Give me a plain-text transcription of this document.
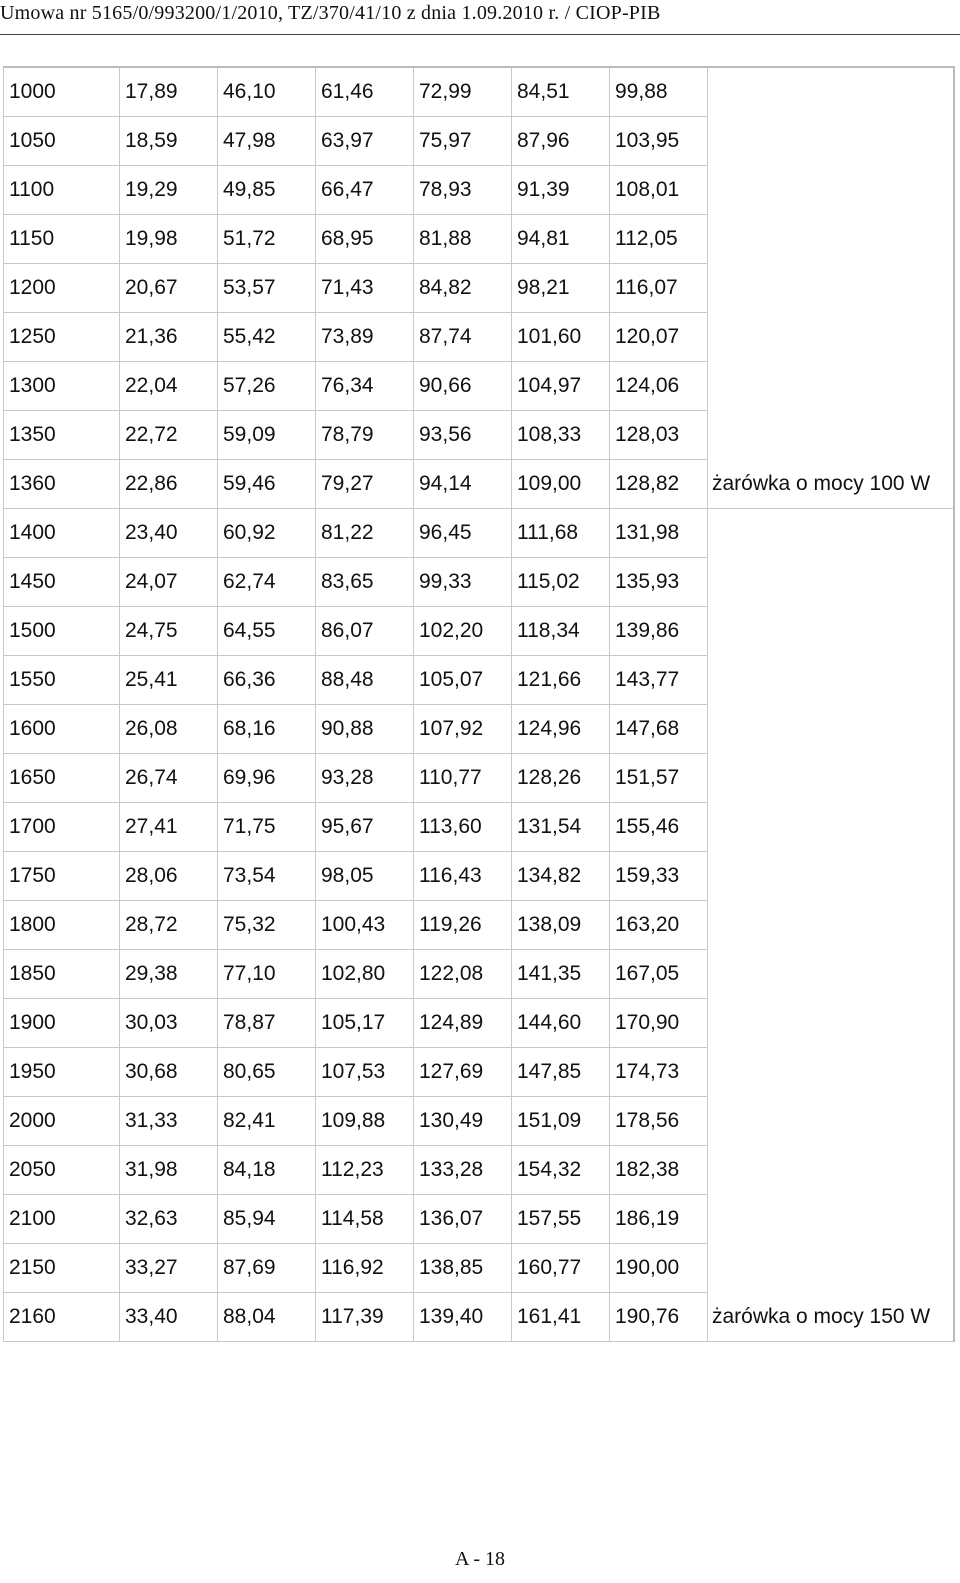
Umowa nr 5165/0/993200/1/2010, TZ/370/41/10 z dnia 1.09.2010 r. / CIOP-PIB
1000	17,89	46,10	61,46	72,99	84,51	99,88	
1050	18,59	47,98	63,97	75,97	87,96	103,95	
1100	19,29	49,85	66,47	78,93	91,39	108,01	
1150	19,98	51,72	68,95	81,88	94,81	112,05	
1200	20,67	53,57	71,43	84,82	98,21	116,07	
1250	21,36	55,42	73,89	87,74	101,60	120,07	
1300	22,04	57,26	76,34	90,66	104,97	124,06	
1350	22,72	59,09	78,79	93,56	108,33	128,03	
1360	22,86	59,46	79,27	94,14	109,00	128,82	żarówka o mocy 100 W
1400	23,40	60,92	81,22	96,45	111,68	131,98	
1450	24,07	62,74	83,65	99,33	115,02	135,93	
1500	24,75	64,55	86,07	102,20	118,34	139,86	
1550	25,41	66,36	88,48	105,07	121,66	143,77	
1600	26,08	68,16	90,88	107,92	124,96	147,68	
1650	26,74	69,96	93,28	110,77	128,26	151,57	
1700	27,41	71,75	95,67	113,60	131,54	155,46	
1750	28,06	73,54	98,05	116,43	134,82	159,33	
1800	28,72	75,32	100,43	119,26	138,09	163,20	
1850	29,38	77,10	102,80	122,08	141,35	167,05	
1900	30,03	78,87	105,17	124,89	144,60	170,90	
1950	30,68	80,65	107,53	127,69	147,85	174,73	
2000	31,33	82,41	109,88	130,49	151,09	178,56	
2050	31,98	84,18	112,23	133,28	154,32	182,38	
2100	32,63	85,94	114,58	136,07	157,55	186,19	
2150	33,27	87,69	116,92	138,85	160,77	190,00	
2160	33,40	88,04	117,39	139,40	161,41	190,76	żarówka o mocy 150 W
A - 18
